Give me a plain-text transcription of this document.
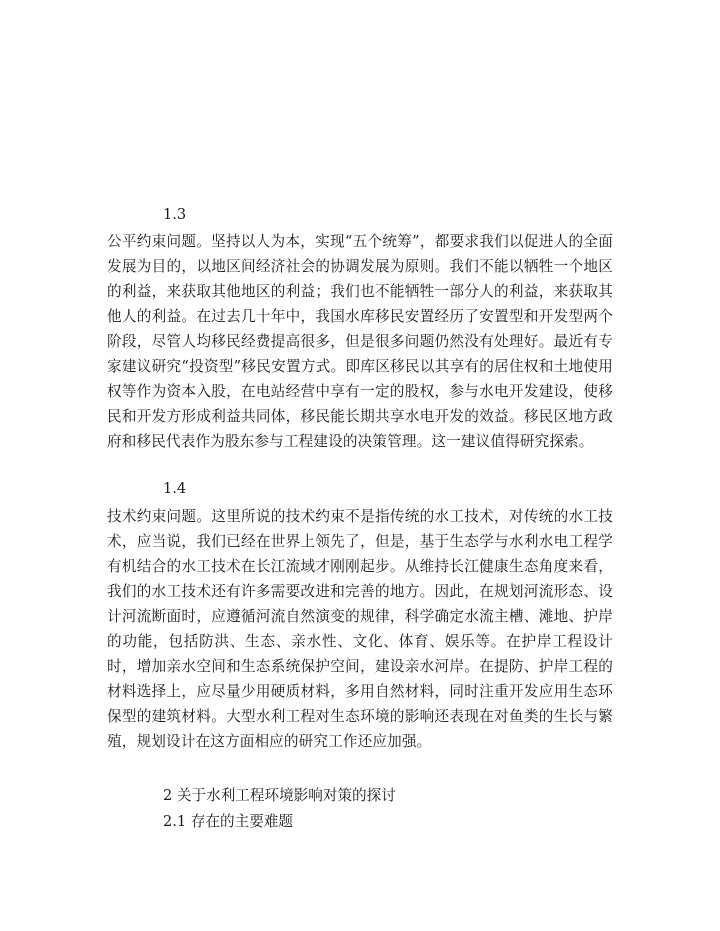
1.3

公平约束问题。坚持以人为本，实现“五个统筹”，都要求我们以促进人的全面发展为目的，以地区间经济社会的协调发展为原则。我们不能以牺牲一个地区的利益，来获取其他地区的利益；我们也不能牺牲一部分人的利益，来获取其他人的利益。在过去几十年中，我国水库移民安置经历了安置型和开发型两个阶段，尽管人均移民经费提高很多，但是很多问题仍然没有处理好。最近有专家建议研究“投资型”移民安置方式。即库区移民以其享有的居住权和土地使用权等作为资本入股，在电站经营中享有一定的股权，参与水电开发建设，使移民和开发方形成利益共同体，移民能长期共享水电开发的效益。移民区地方政府和移民代表作为股东参与工程建设的决策管理。这一建议值得研究探索。

1.4

技术约束问题。这里所说的技术约束不是指传统的水工技术，对传统的水工技术，应当说，我们已经在世界上领先了，但是，基于生态学与水利水电工程学有机结合的水工技术在长江流域才刚刚起步。从维持长江健康生态角度来看，我们的水工技术还有许多需要改进和完善的地方。因此，在规划河流形态、设计河流断面时，应遵循河流自然演变的规律，科学确定水流主槽、滩地、护岸的功能，包括防洪、生态、亲水性、文化、体育、娱乐等。在护岸工程设计时，增加亲水空间和生态系统保护空间，建设亲水河岸。在提防、护岸工程的材料选择上，应尽量少用硬质材料，多用自然材料，同时注重开发应用生态环保型的建筑材料。大型水利工程对生态环境的影响还表现在对鱼类的生长与繁殖，规划设计在这方面相应的研究工作还应加强。

2 关于水利工程环境影响对策的探讨

2.1 存在的主要难题
